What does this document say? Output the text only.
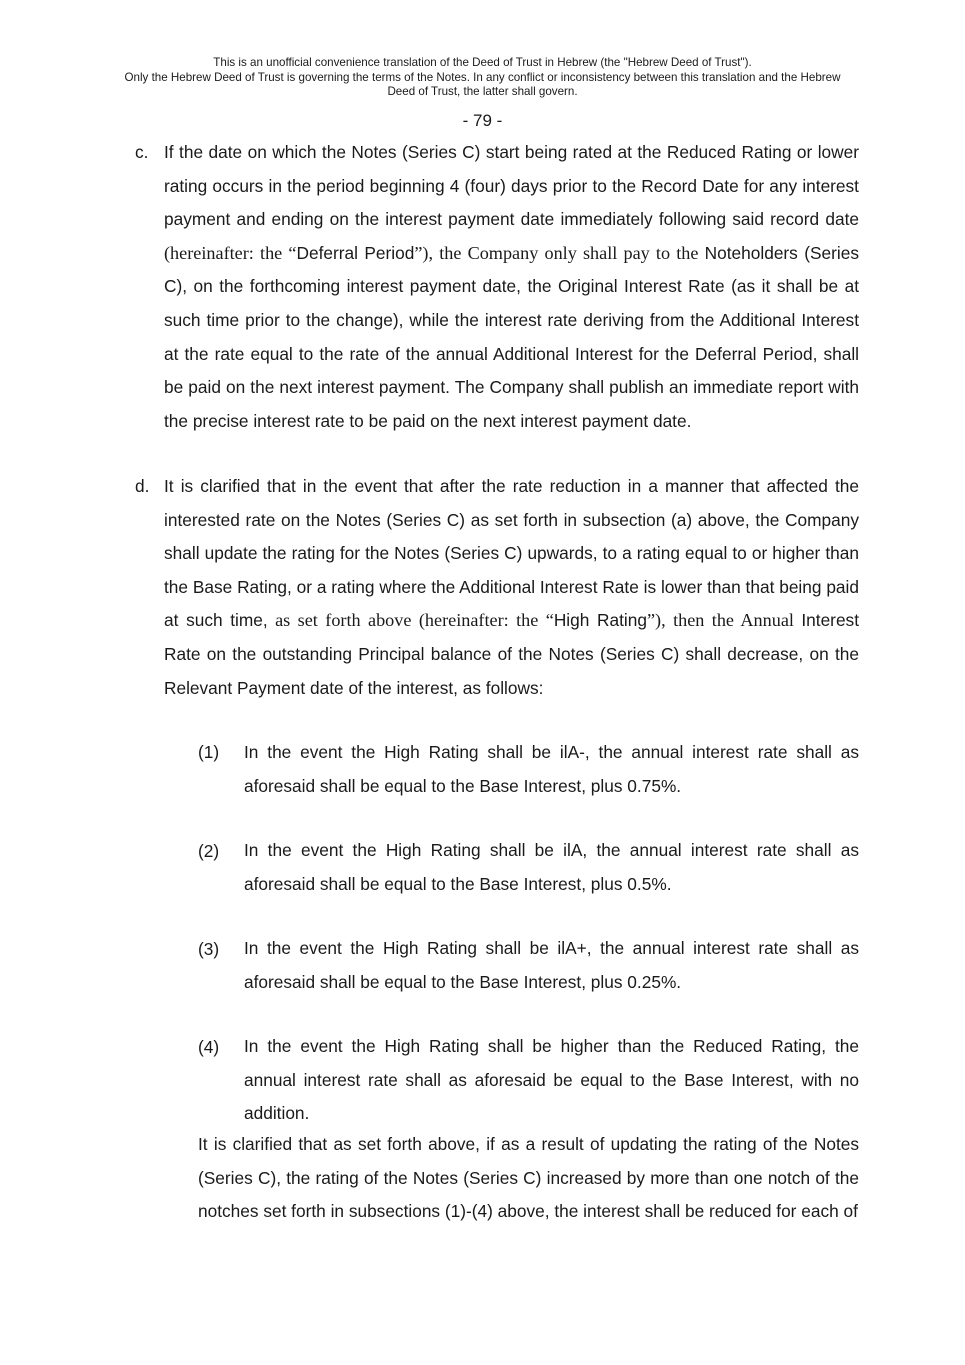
This is an unofficial convenience translation of the Deed of Trust in Hebrew (the "Hebrew Deed of Trust").
Only the Hebrew Deed of Trust is governing the terms of the Notes. In any conflict or inconsistency between this translation and the Hebrew
Deed of Trust, the latter shall govern.
- 79 -
c. If the date on which the Notes (Series C) start being rated at the Reduced Rating or lower rating occurs in the period beginning 4 (four) days prior to the Record Date for any interest payment and ending on the interest payment date immediately following said record date (hereinafter: the “Deferral Period”), the Company only shall pay to the Noteholders (Series C), on the forthcoming interest payment date, the Original Interest Rate (as it shall be at such time prior to the change), while the interest rate deriving from the Additional Interest at the rate equal to the rate of the annual Additional Interest for the Deferral Period, shall be paid on the next interest payment. The Company shall publish an immediate report with the precise interest rate to be paid on the next interest payment date.
d. It is clarified that in the event that after the rate reduction in a manner that affected the interested rate on the Notes (Series C) as set forth in subsection (a) above, the Company shall update the rating for the Notes (Series C) upwards, to a rating equal to or higher than the Base Rating, or a rating where the Additional Interest Rate is lower than that being paid at such time, as set forth above (hereinafter: the “High Rating”), then the Annual Interest Rate on the outstanding Principal balance of the Notes (Series C) shall decrease, on the Relevant Payment date of the interest, as follows:
(1) In the event the High Rating shall be ilA-, the annual interest rate shall as aforesaid shall be equal to the Base Interest, plus 0.75%.
(2) In the event the High Rating shall be ilA, the annual interest rate shall as aforesaid shall be equal to the Base Interest, plus 0.5%.
(3) In the event the High Rating shall be ilA+, the annual interest rate shall as aforesaid shall be equal to the Base Interest, plus 0.25%.
(4) In the event the High Rating shall be higher than the Reduced Rating, the annual interest rate shall as aforesaid be equal to the Base Interest, with no addition.
It is clarified that as set forth above, if as a result of updating the rating of the Notes (Series C), the rating of the Notes (Series C) increased by more than one notch of the notches set forth in subsections (1)-(4) above, the interest shall be reduced for each of
